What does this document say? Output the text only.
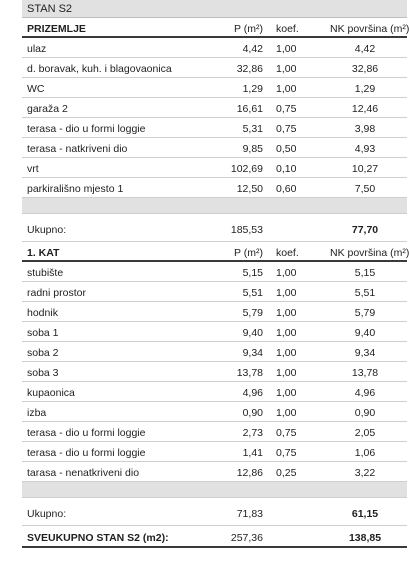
STAN S2
PRIZEMLJE	P (m²) koef.	NK površina (m²)
ulaz	4,42 1,00	4,42
d. boravak, kuh. i blagovaonica	32,86 1,00	32,86
WC	1,29 1,00	1,29
garaža 2	16,61 0,75	12,46
terasa - dio u formi loggie	5,31 0,75	3,98
terasa - natkriveni dio	9,85 0,50	4,93
vrt	102,69 0,10	10,27
parkirališno mjesto 1	12,50 0,60	7,50
Ukupno:	185,53	77,70
1. KAT	P (m²) koef.	NK površina (m²)
stubište	5,15 1,00	5,15
radni prostor	5,51 1,00	5,51
hodnik	5,79 1,00	5,79
soba 1	9,40 1,00	9,40
soba 2	9,34 1,00	9,34
soba 3	13,78 1,00	13,78
kupaonica	4,96 1,00	4,96
izba	0,90 1,00	0,90
terasa - dio u formi loggie	2,73 0,75	2,05
terasa - dio u formi loggie	1,41 0,75	1,06
tarasa - nenatkriveni dio	12,86 0,25	3,22
Ukupno:	71,83	61,15
SVEUKUPNO STAN S2 (m2):	257,36	138,85
